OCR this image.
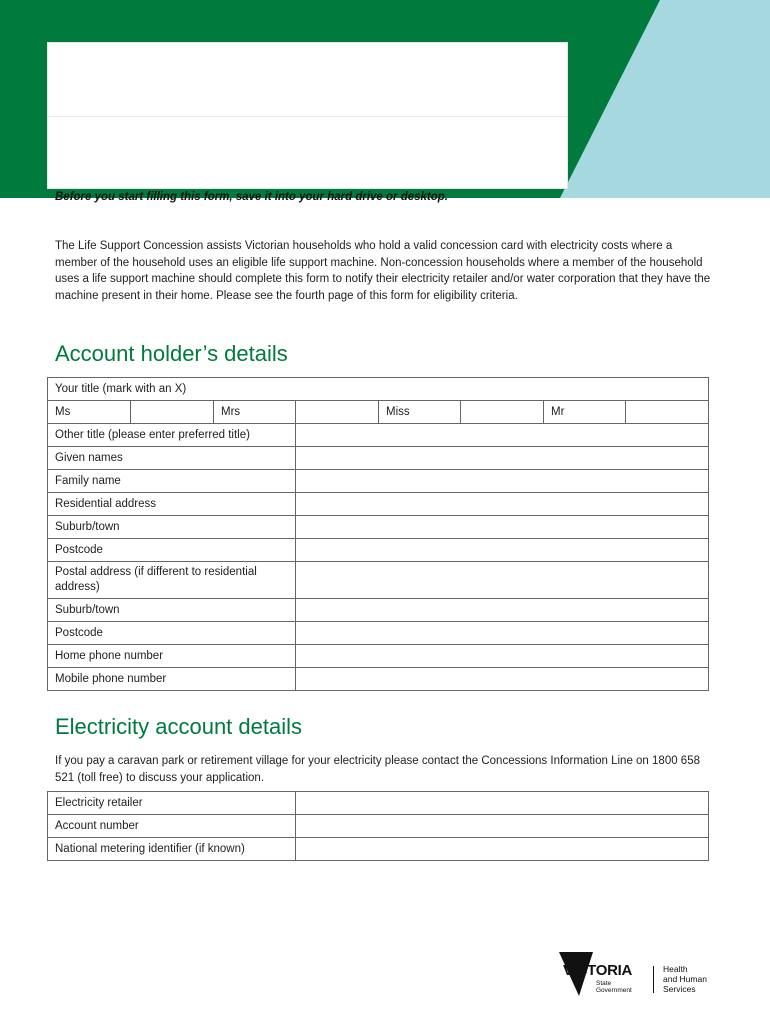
Before you start filling this form, save it into your hard drive or desktop.
The Life Support Concession assists Victorian households who hold a valid concession card with electricity costs where a member of the household uses an eligible life support machine. Non-concession households where a member of the household uses a life support machine should complete this form to notify their electricity retailer and/or water corporation that they have the machine present in their home. Please see the fourth page of this form for eligibility criteria.
Account holder’s details
Your title (mark with an X)							
Ms		Mrs		Miss		Mr	
Other title (please enter preferred title)							
Given names							
Family name							
Residential address							
Suburb/town							
Postcode							
Postal address (if different to residential address)							
Suburb/town							
Postcode							
Home phone number							
Mobile phone number							
Electricity account details
If you pay a caravan park or retirement village for your electricity please contact the Concessions Information Line on 1800 658 521 (toll free) to discuss your application.
Electricity retailer	
Account number	
National metering identifier (if known)	
VICTORIA
State
Government
Health
and Human
Services
